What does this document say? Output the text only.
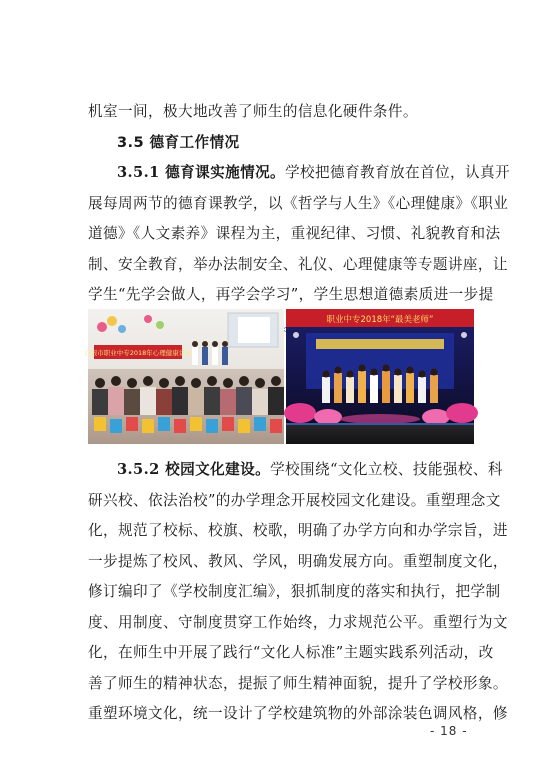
机室一间，极大地改善了师生的信息化硬件条件。
3.5 德育工作情况
3.5.1 德育课实施情况。学校把德育教育放在首位，认真开
展每周两节的德育课教学，以《哲学与人生》《心理健康》《职业
道德》《人文素养》课程为主，重视纪律、习惯、礼貌教育和法
制、安全教育，举办法制安全、礼仪、心理健康等专题讲座，让
学生“先学会做人，再学会学习”，学生思想道德素质进一步提
白银市职业中专2018年心理健康讲座
职业中专2018年“最美老师”
3.5.2 校园文化建设。学校围绕“文化立校、技能强校、科
研兴校、依法治校”的办学理念开展校园文化建设。重塑理念文
化，规范了校标、校旗、校歌，明确了办学方向和办学宗旨，进
一步提炼了校风、教风、学风，明确发展方向。重塑制度文化，
修订编印了《学校制度汇编》，狠抓制度的落实和执行，把学制
度、用制度、守制度贯穿工作始终，力求规范公平。重塑行为文
化，在师生中开展了践行“文化人标准”主题实践系列活动，改
善了师生的精神状态，提振了师生精神面貌，提升了学校形象。
重塑环境文化，统一设计了学校建筑物的外部涂装色调风格，修
- 18 -
